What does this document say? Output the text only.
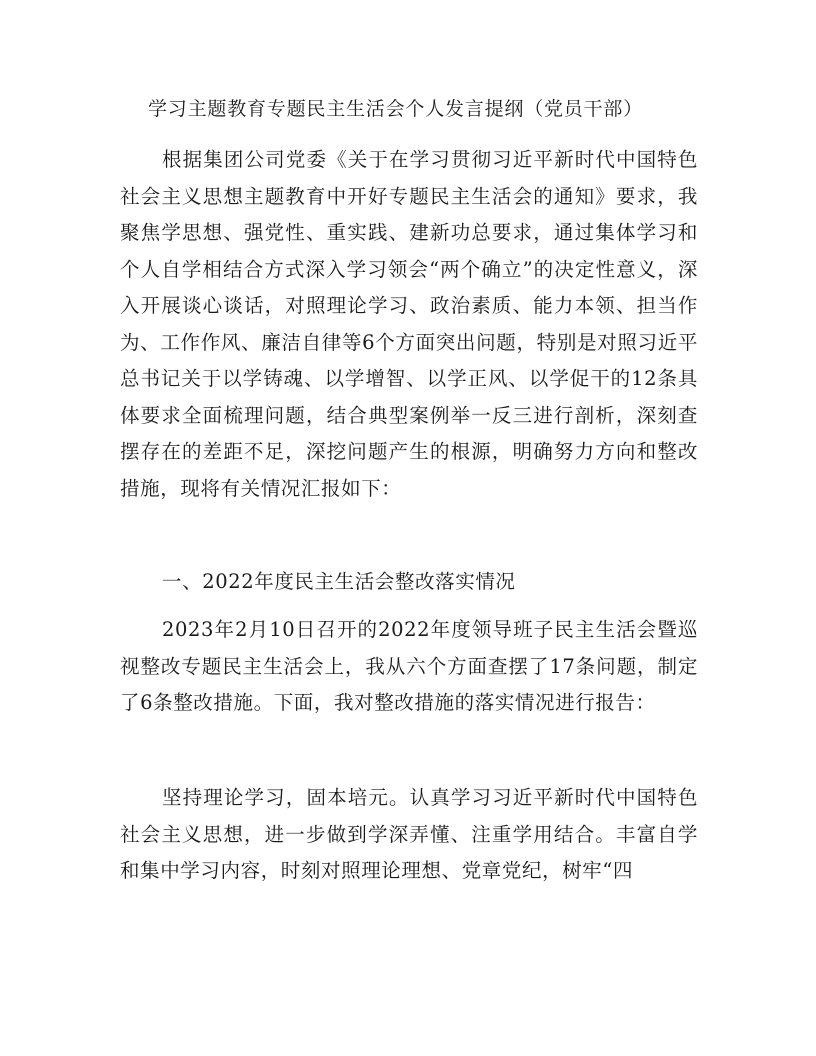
学习主题教育专题民主生活会个人发言提纲（党员干部）

根据集团公司党委《关于在学习贯彻习近平新时代中国特色社会主义思想主题教育中开好专题民主生活会的通知》要求，我聚焦学思想、强党性、重实践、建新功总要求，通过集体学习和个人自学相结合方式深入学习领会“两个确立”的决定性意义，深入开展谈心谈话，对照理论学习、政治素质、能力本领、担当作为、工作作风、廉洁自律等6个方面突出问题，特别是对照习近平总书记关于以学铸魂、以学增智、以学正风、以学促干的12条具体要求全面梳理问题，结合典型案例举一反三进行剖析，深刻查摆存在的差距不足，深挖问题产生的根源，明确努力方向和整改措施，现将有关情况汇报如下：

一、2022年度民主生活会整改落实情况

2023年2月10日召开的2022年度领导班子民主生活会暨巡视整改专题民主生活会上，我从六个方面查摆了17条问题，制定了6条整改措施。下面，我对整改措施的落实情况进行报告：

坚持理论学习，固本培元。认真学习习近平新时代中国特色社会主义思想，进一步做到学深弄懂、注重学用结合。丰富自学和集中学习内容，时刻对照理论理想、党章党纪，树牢“四
